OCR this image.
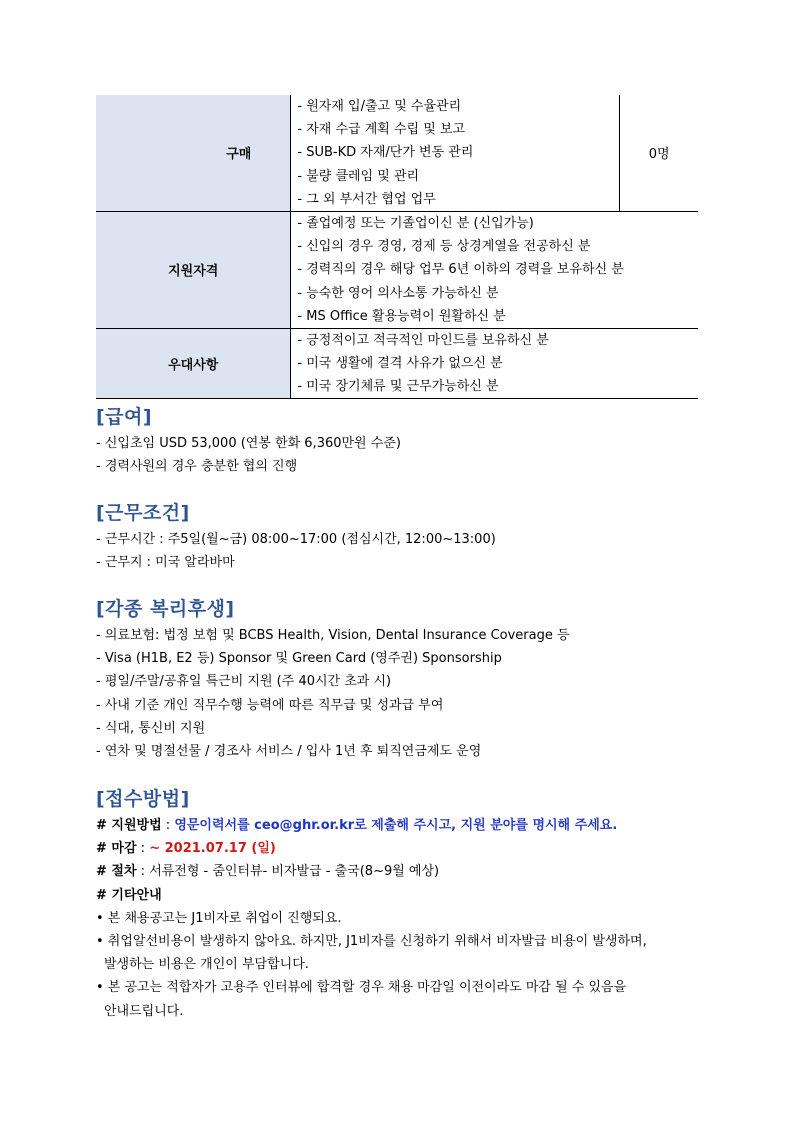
	구매	- 원자재 입/출고 및 수율관리
- 자재 수급 계획 수립 및 보고
- SUB-KD 자재/단가 변동 관리
- 불량 클레임 및 관리
- 그 외 부서간 협업 업무	0명
지원자격		- 졸업예정 또는 기졸업이신 분 (신입가능)
- 신입의 경우 경영, 경제 등 상경계열을 전공하신 분
- 경력직의 경우 해당 업무 6년 이하의 경력을 보유하신 분
- 능숙한 영어 의사소통 가능하신 분
- MS Office 활용능력이 원활하신 분	

우대사항		- 긍정적이고 적극적인 마인드를 보유하신 분
- 미국 생활에 결격 사유가 없으신 분
- 미국 장기체류 및 근무가능하신 분	
[급여]
- 신입초임 USD 53,000 (연봉 한화 6,360만원 수준)
- 경력사원의 경우 충분한 협의 진행
[근무조건]
- 근무시간 : 주5일(월~금) 08:00~17:00 (점심시간, 12:00~13:00)
- 근무지 : 미국 알라바마
[각종 복리후생]
- 의료보험: 법정 보험 및 BCBS Health, Vision, Dental Insurance Coverage 등
- Visa (H1B, E2 등) Sponsor 및 Green Card (영주권) Sponsorship
- 평일/주말/공휴일 특근비 지원 (주 40시간 초과 시)
- 사내 기준 개인 직무수행 능력에 따른 직무급 및 성과급 부여
- 식대, 통신비 지원
- 연차 및 명절선물 / 경조사 서비스 / 입사 1년 후 퇴직연금제도 운영
[접수방법]
# 지원방법 : 영문이력서를 ceo@ghr.or.kr로 제출해 주시고, 지원 분야를 명시해 주세요.
# 마감 : ~ 2021.07.17 (일)
# 절차 : 서류전형 - 줌인터뷰- 비자발급 - 출국(8~9월 예상)
# 기타안내
• 본 채용공고는 J1비자로 취업이 진행되요.
• 취업알선비용이 발생하지 않아요. 하지만, J1비자를 신청하기 위해서 비자발급 비용이 발생하며,
발생하는 비용은 개인이 부담합니다.
• 본 공고는 적합자가 고용주 인터뷰에 합격할 경우 채용 마감일 이전이라도 마감 될 수 있음을
안내드립니다.
